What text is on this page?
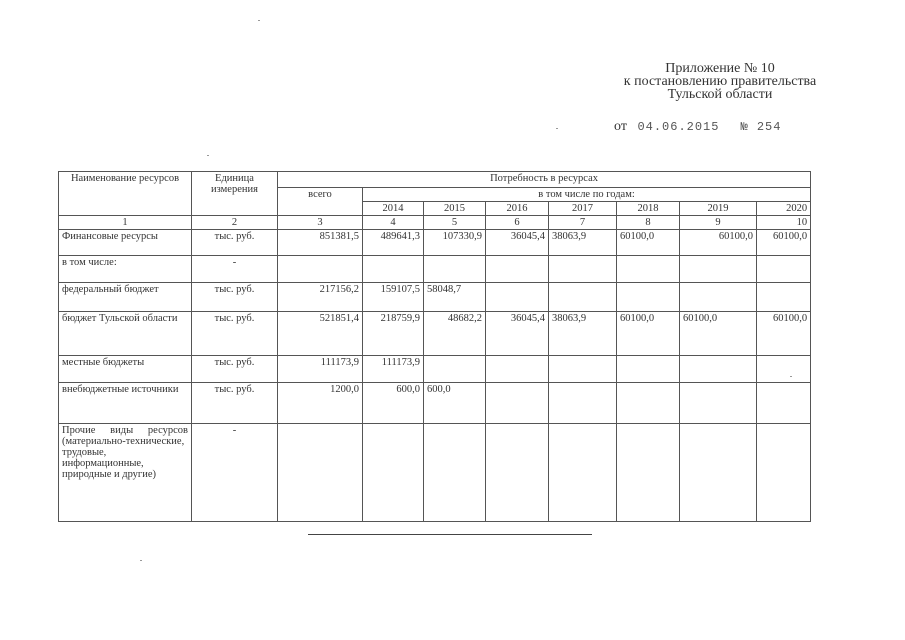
Приложение № 10
к постановлению правительства
Тульской области
от 04.06.2015 № 254
Наименование ресурсов	Единица измерения	Потребность в ресурсах							
		всего	в том числе по годам:						
			2014	2015	2016	2017	2018	2019	2020
1	2	3	4	5	6	7	8	9	10
Финансовые ресурсы	тыс. руб.	851381,5	489641,3	107330,9	36045,4	38063,9	60100,0	60100,0	60100,0
в том числе:	-								
федеральный бюджет	тыс. руб.	217156,2	159107,5	58048,7					
бюджет Тульской области	тыс. руб.	521851,4	218759,9	48682,2	36045,4	38063,9	60100,0	60100,0	60100,0
местные бюджеты	тыс. руб.	111173,9	111173,9						
внебюджетные источники	тыс. руб.	1200,0	600,0	600,0					
Прочие виды ресурсов (материально-технические, трудовые, информационные, природные и другие)	-								
